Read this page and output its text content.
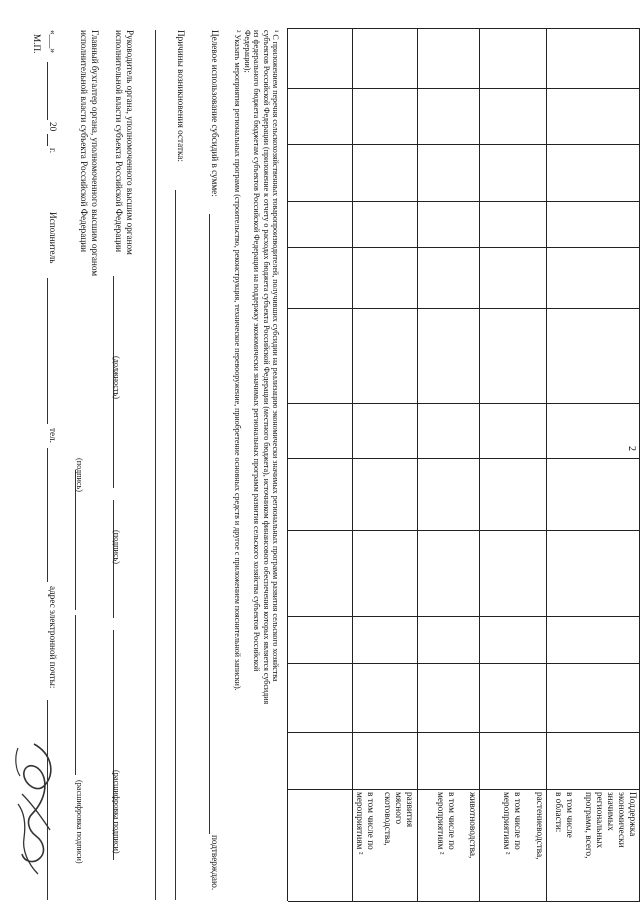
2
Поддержка
экономически
значимых
региональных
программ, всего,
в том числе
в области:
растениеводства,
в том числе по
мероприятиям ²
животноводства,
в том числе по
мероприятиям ²
развития
мясного
скотоводства,
в том числе по
мероприятиям ²
¹ С приложением перечня сельскохозяйственных товаропроизводителей, получивших субсидии на реализацию экономически значимых региональных программ развития сельского хозяйства
субъектов Российской Федерации (приложение к отчету о расходах бюджета субъекта Российской Федерации (местного бюджета), источником финансового обеспечения которых является субсидия
из федерального бюджета бюджетам субъектов Российской Федерации на поддержку экономически значимых региональных программ развития сельского хозяйства субъектов Российской
Федерации);
² Указать мероприятия региональных программ (строительство, реконструкция, техническое перевооружение, приобретение основных средств и другое с приложением пояснительной записки).
Целевое использование субсидий в сумме:
подтверждаю.
Причины возникновения остатка:
Руководитель органа, уполномоченного высшим органом
исполнительной власти субъекта Российской Федерации
(должность)
(подпись)
(расшифровка подписи)
Главный бухгалтер органа, уполномоченного высшим органом
исполнительной власти субъекта Российской Федерации
(подпись)
(расшифровка подписи)
«___»
20
г.
Исполнитель
тел.
адрес электронной почты:
М.П.
